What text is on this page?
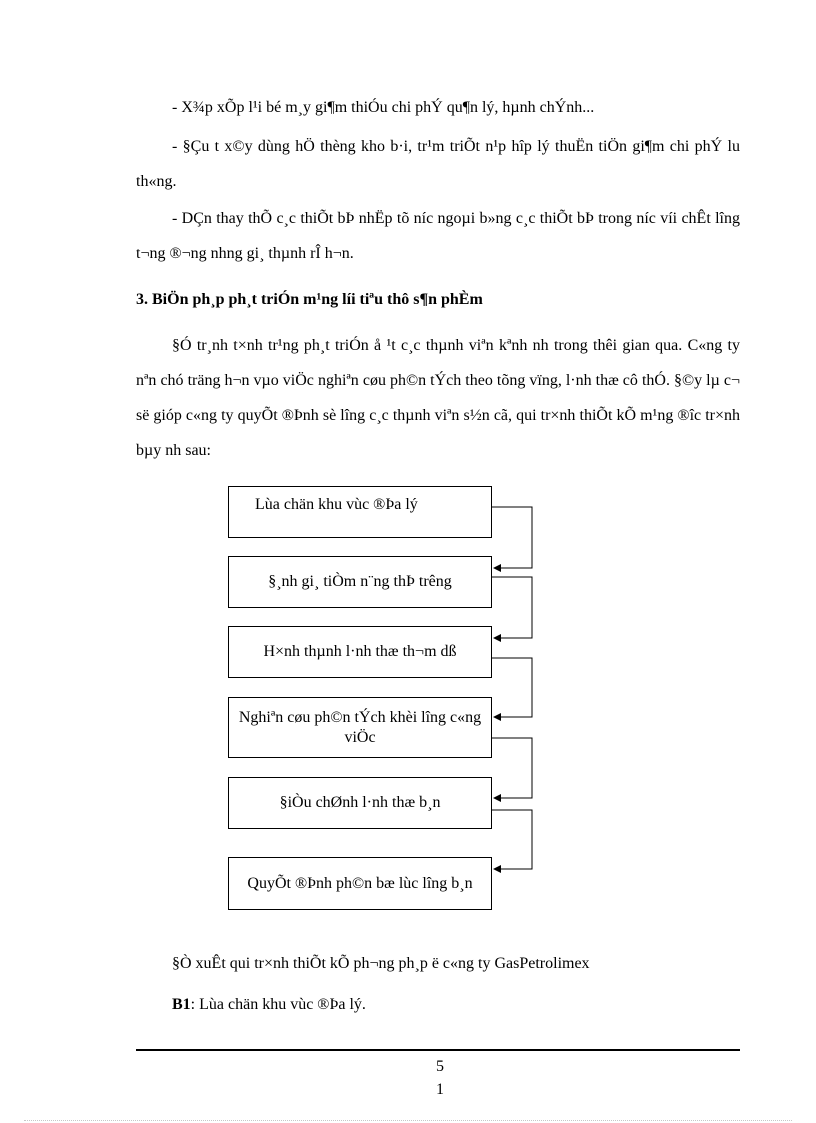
- X¾p xÕp l¹i bé m¸y gi¶m thiÓu chi phÝ qu¶n lý, hµnh chÝnh...

- §Çu t x©y dùng hÖ thèng kho b·i, tr¹m triÕt n¹p hîp lý thuËn tiÖn gi¶m chi phÝ lu th«ng.

- DÇn thay thÕ c¸c thiÕt bÞ nhËp tõ níc ngoµi b»ng c¸c thiÕt bÞ trong níc víi chÊt lîng t¬ng ®¬ng nhng gi¸ thµnh rÎ h¬n.

3. BiÖn ph¸p ph¸t triÓn m¹ng líi tiªu thô s¶n phÈm

§Ó tr¸nh t×nh tr¹ng ph¸t triÓn å ¹t c¸c thµnh viªn kªnh nh trong thêi gian qua. C«ng ty nªn chó träng h¬n vµo viÖc nghiªn cøu ph©n tÝch theo tõng vïng, l·nh thæ cô thÓ. §©y lµ c¬ së gióp c«ng ty quyÕt ®Þnh sè lîng c¸c thµnh viªn s½n cã, qui tr×nh thiÕt kÕ m¹ng ®îc tr×nh bµy nh sau:

Lùa chän khu vùc ®Þa lý
§¸nh gi¸ tiÒm n¨ng thÞ trêng
H×nh thµnh l·nh thæ th¬m dß
Nghiªn cøu ph©n tÝch khèi lîng c«ng viÖc
§iÒu chØnh l·nh thæ b¸n
QuyÕt ®Þnh ph©n bæ lùc lîng b¸n

§Ò xuÊt qui tr×nh thiÕt kÕ ph¬ng ph¸p ë c«ng ty GasPetrolimex

B1: Lùa chän khu vùc ®Þa lý.

5
1
